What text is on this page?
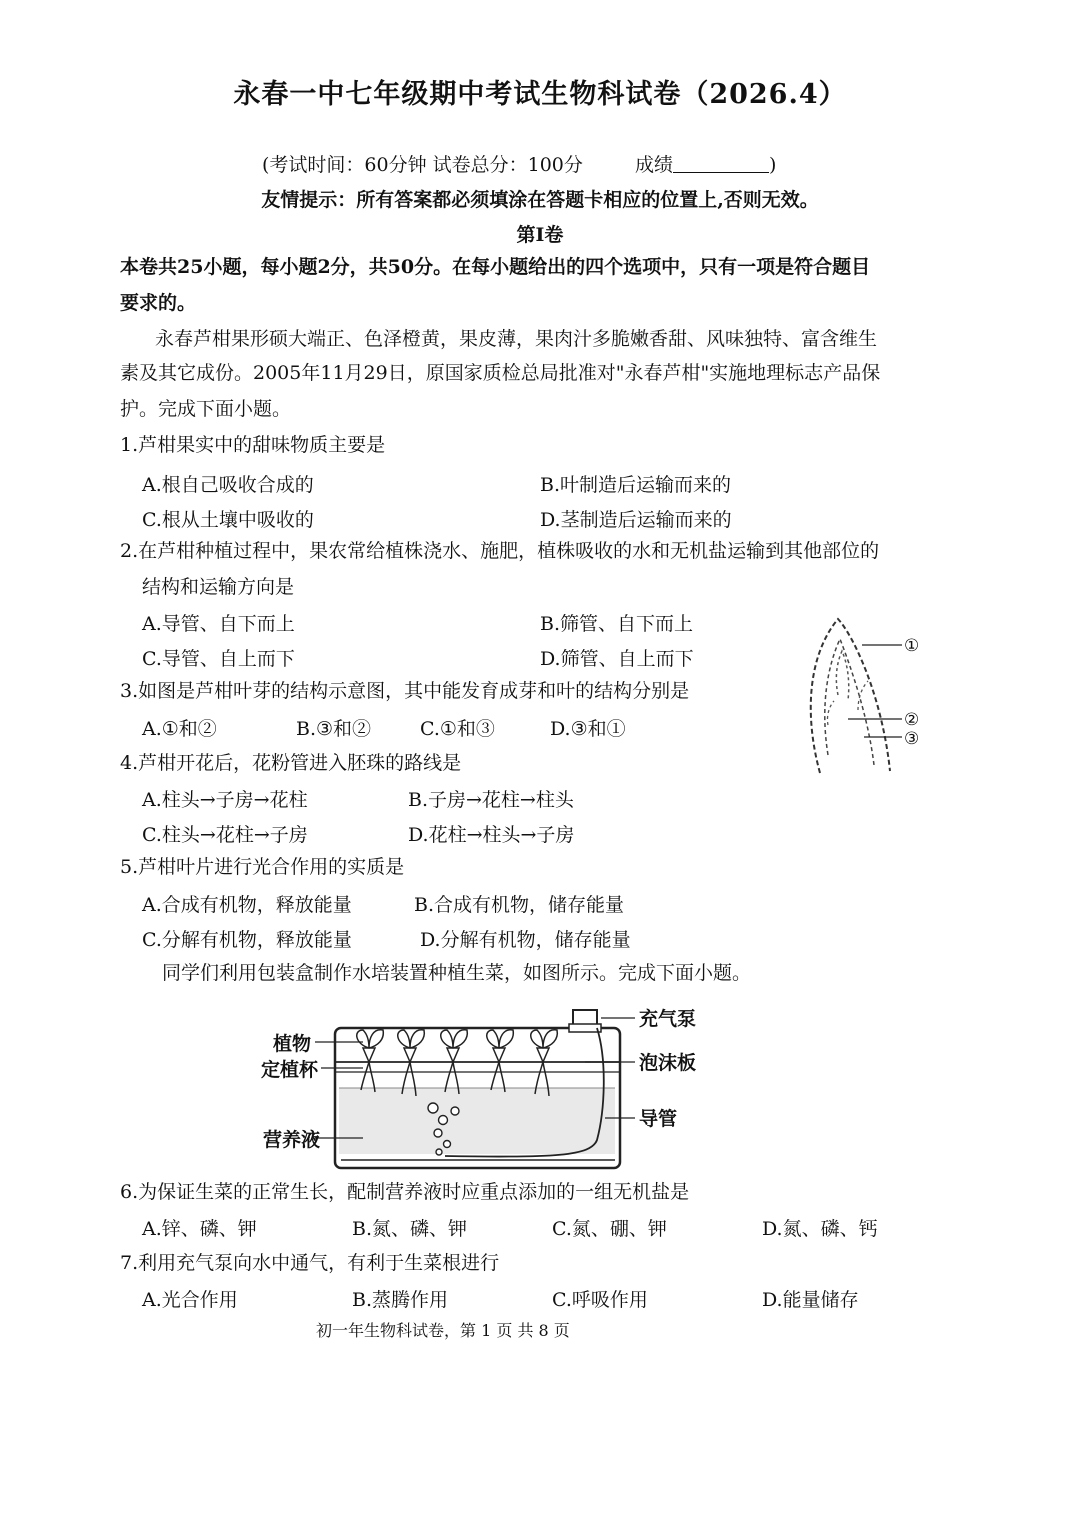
永春一中七年级期中考试生物科试卷（2026.4）
(考试时间：60分钟 试卷总分：100分	成绩	)
友情提示：所有答案都必须填涂在答题卡相应的位置上,否则无效。
第I卷
本卷共25小题，每小题2分，共50分。在每小题给出的四个选项中，只有一项是符合题目
要求的。
永春芦柑果形硕大端正、色泽橙黄，果皮薄，果肉汁多脆嫩香甜、风味独特、富含维生
素及其它成份。2005年11月29日，原国家质检总局批准对"永春芦柑"实施地理标志产品保
护。完成下面小题。
1.芦柑果实中的甜味物质主要是
A.根自己吸收合成的	B.叶制造后运输而来的
C.根从土壤中吸收的	D.茎制造后运输而来的
2.在芦柑种植过程中，果农常给植株浇水、施肥，植株吸收的水和无机盐运输到其他部位的
结构和运输方向是
A.导管、自下而上	B.筛管、自下而上
C.导管、自上而下	D.筛管、自上而下
3.如图是芦柑叶芽的结构示意图，其中能发育成芽和叶的结构分别是
A.①和②	B.③和②	C.①和③	D.③和①
①
②
③
4.芦柑开花后，花粉管进入胚珠的路线是
A.柱头→子房→花柱	B.子房→花柱→柱头
C.柱头→花柱→子房	D.花柱→柱头→子房
5.芦柑叶片进行光合作用的实质是
A.合成有机物，释放能量	B.合成有机物，储存能量
C.分解有机物，释放能量	D.分解有机物，储存能量
同学们利用包装盒制作水培装置种植生菜，如图所示。完成下面小题。
植物
定植杯
营养液
充气泵
泡沫板
导管
6.为保证生菜的正常生长，配制营养液时应重点添加的一组无机盐是
A.锌、磷、钾	B.氮、磷、钾	C.氮、硼、钾	D.氮、磷、钙
7.利用充气泵向水中通气，有利于生菜根进行
A.光合作用	B.蒸腾作用	C.呼吸作用	D.能量储存
初一年生物科试卷，第 1 页 共 8 页
